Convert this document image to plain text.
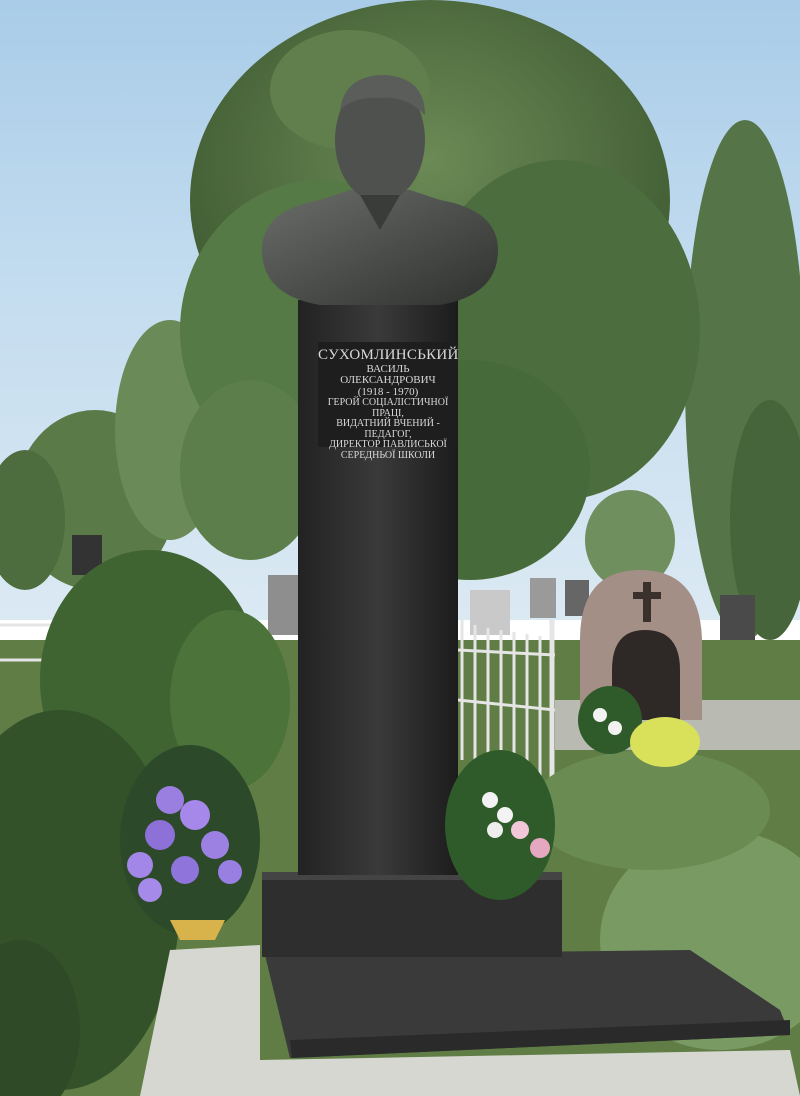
СУХОМЛИНСЬКИЙ
ВАСИЛЬ ОЛЕКСАНДРОВИЧ
(1918 - 1970)
ГЕРОЙ СОЦІАЛІСТИЧНОЇ ПРАЦІ,
ВИДАТНИЙ ВЧЕНИЙ - ПЕДАГОГ,
ДИРЕКТОР ПАВЛИСЬКОЇ
СЕРЕДНЬОЇ ШКОЛИ
